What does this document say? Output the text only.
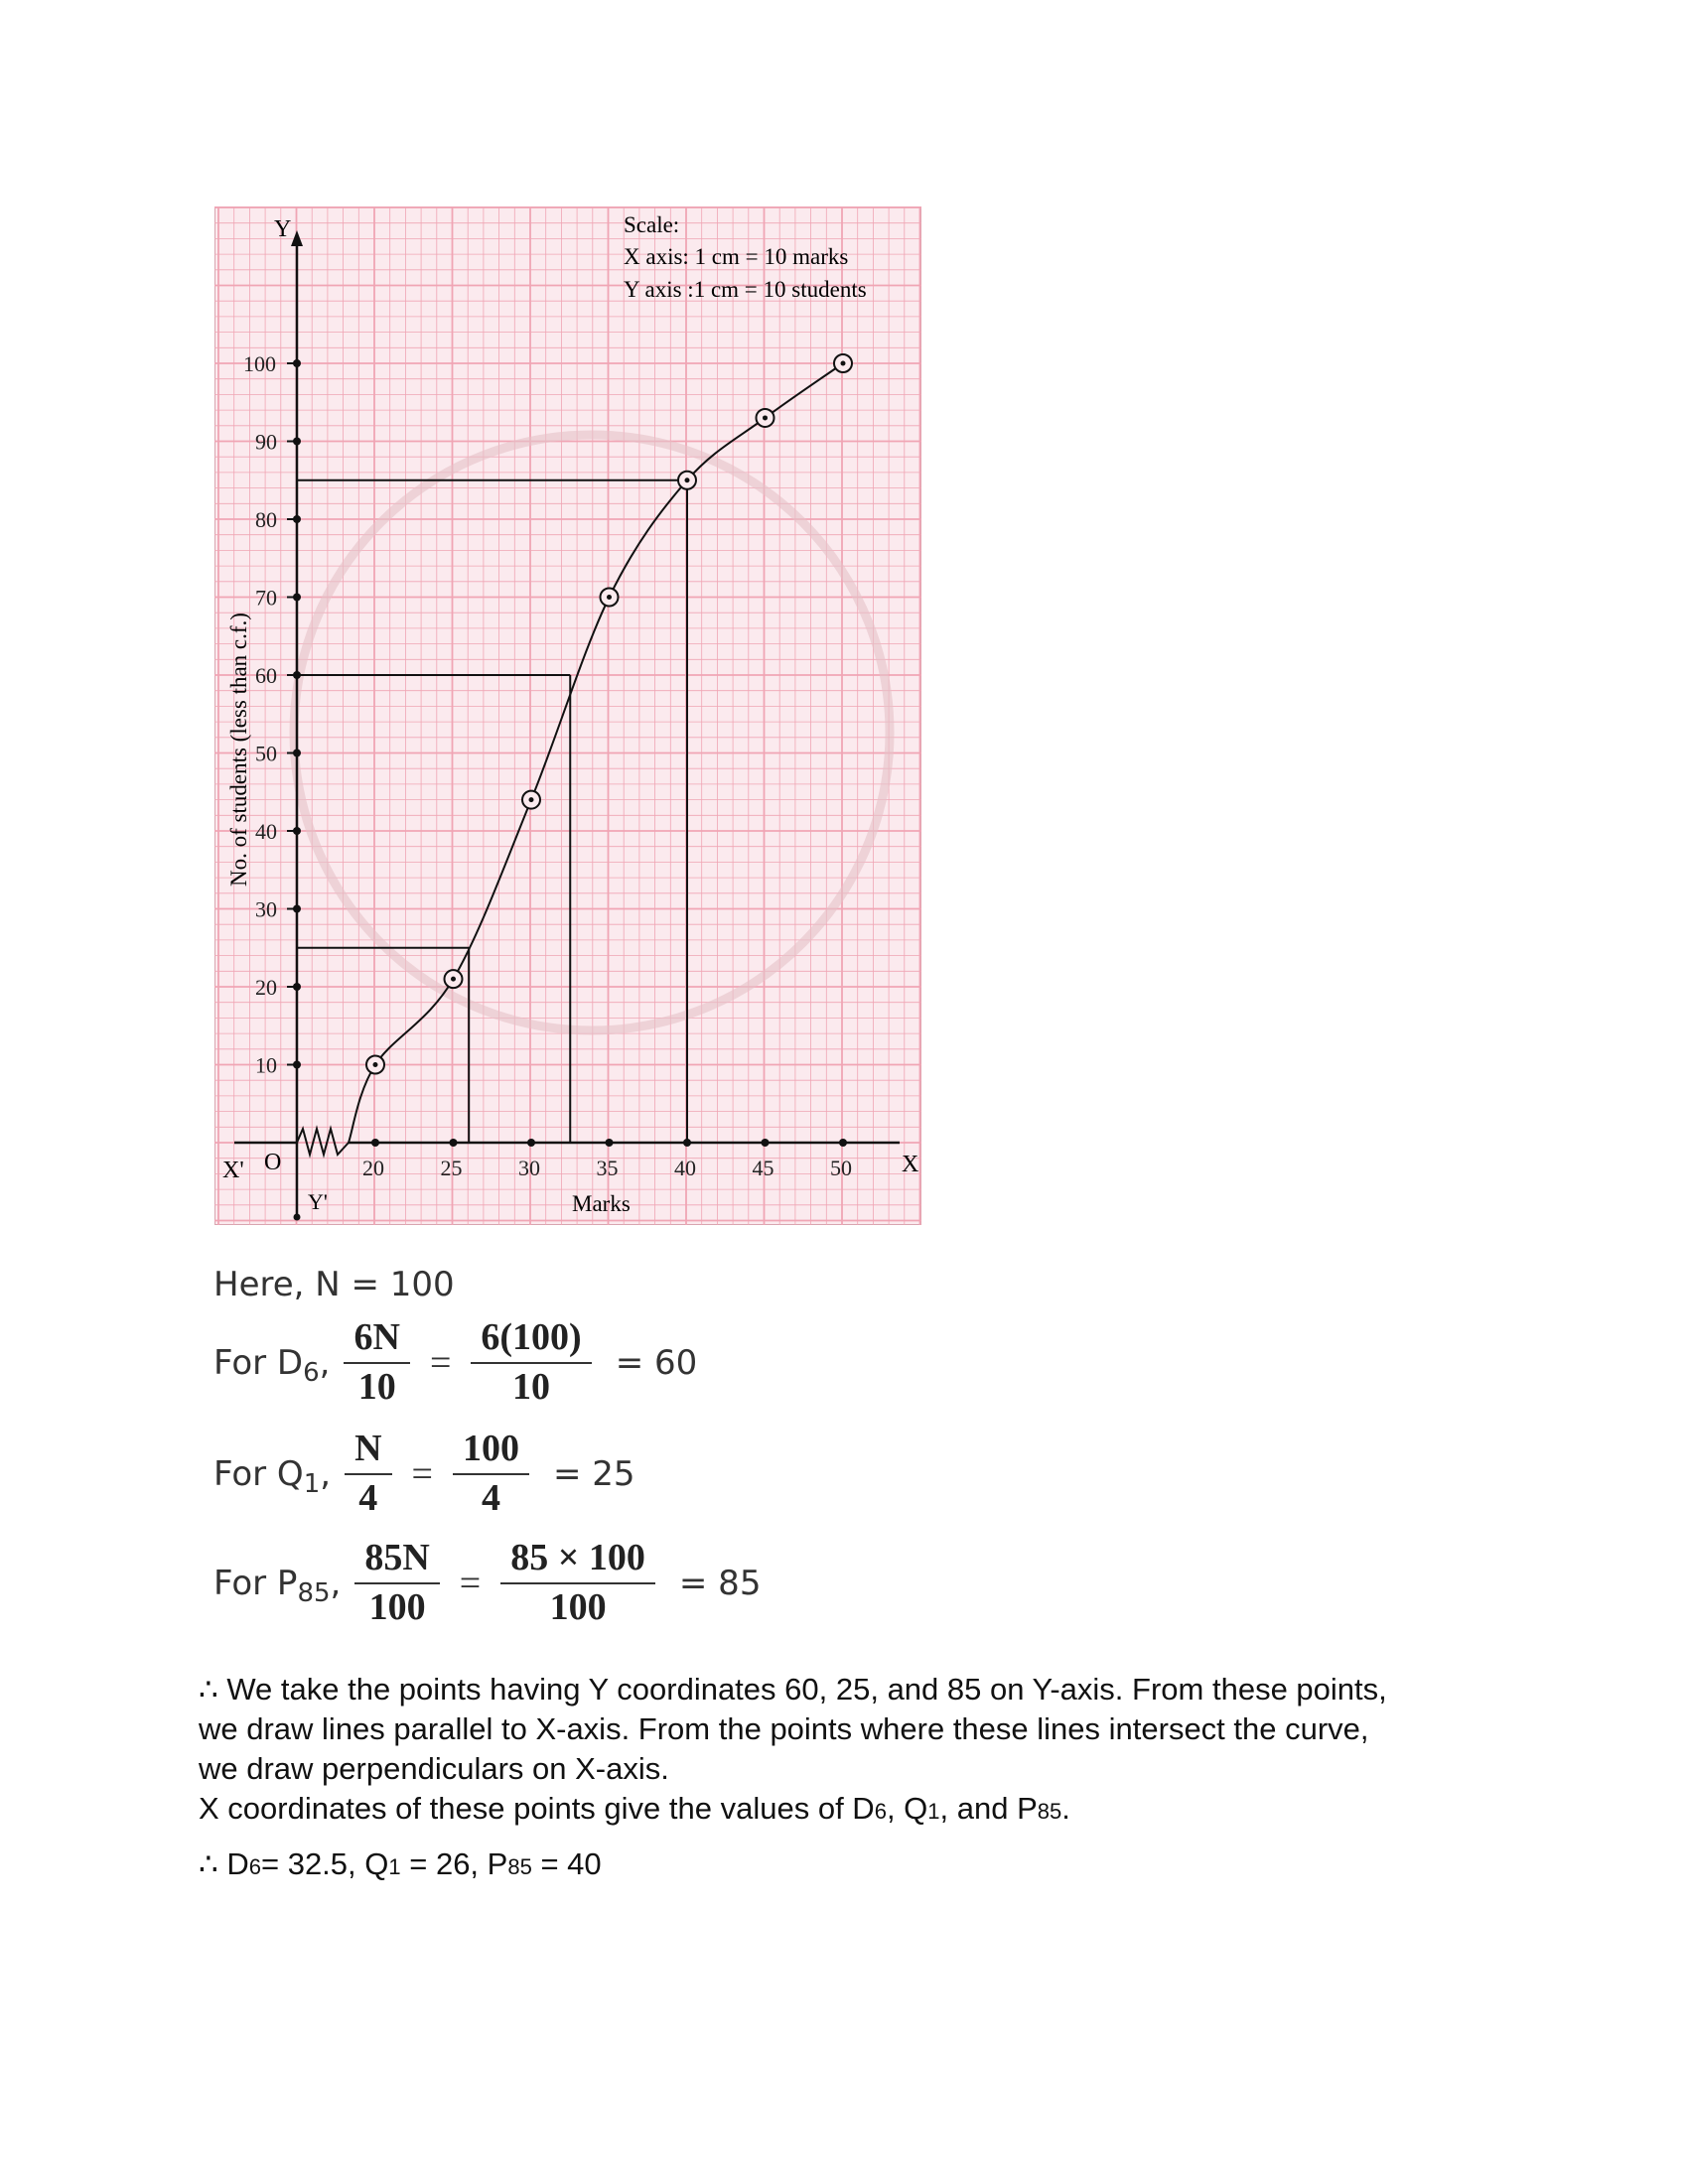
20	25	30	35	40	45	50
10
20
30
40
50
60
70
80
90
100
Y
X
X'
Y'
O
Scale:
X axis: 1 cm = 10 marks
Y axis :1 cm = 10 students
Marks
No. of students (less than c.f.)
Here, N = 100
For D 6 , $\frac{6N}{10} = \frac{6(100)}{10} = 60$
For Q 1 , $\frac{N}{4} = \frac{100}{4} = 25$
For P 85 , $\frac{85N}{100} = \frac{85 \times 100}{100} = 85$
∴ We take the points having Y coordinates 60, 25, and 85 on Y-axis. From these points,
we draw lines parallel to X-axis. From the points where these lines intersect the curve,
we draw perpendiculars on X-axis.
X coordinates of these points give the values of D6, Q1, and P85.
∴ D6= 32.5, Q1 = 26, P85 = 40
